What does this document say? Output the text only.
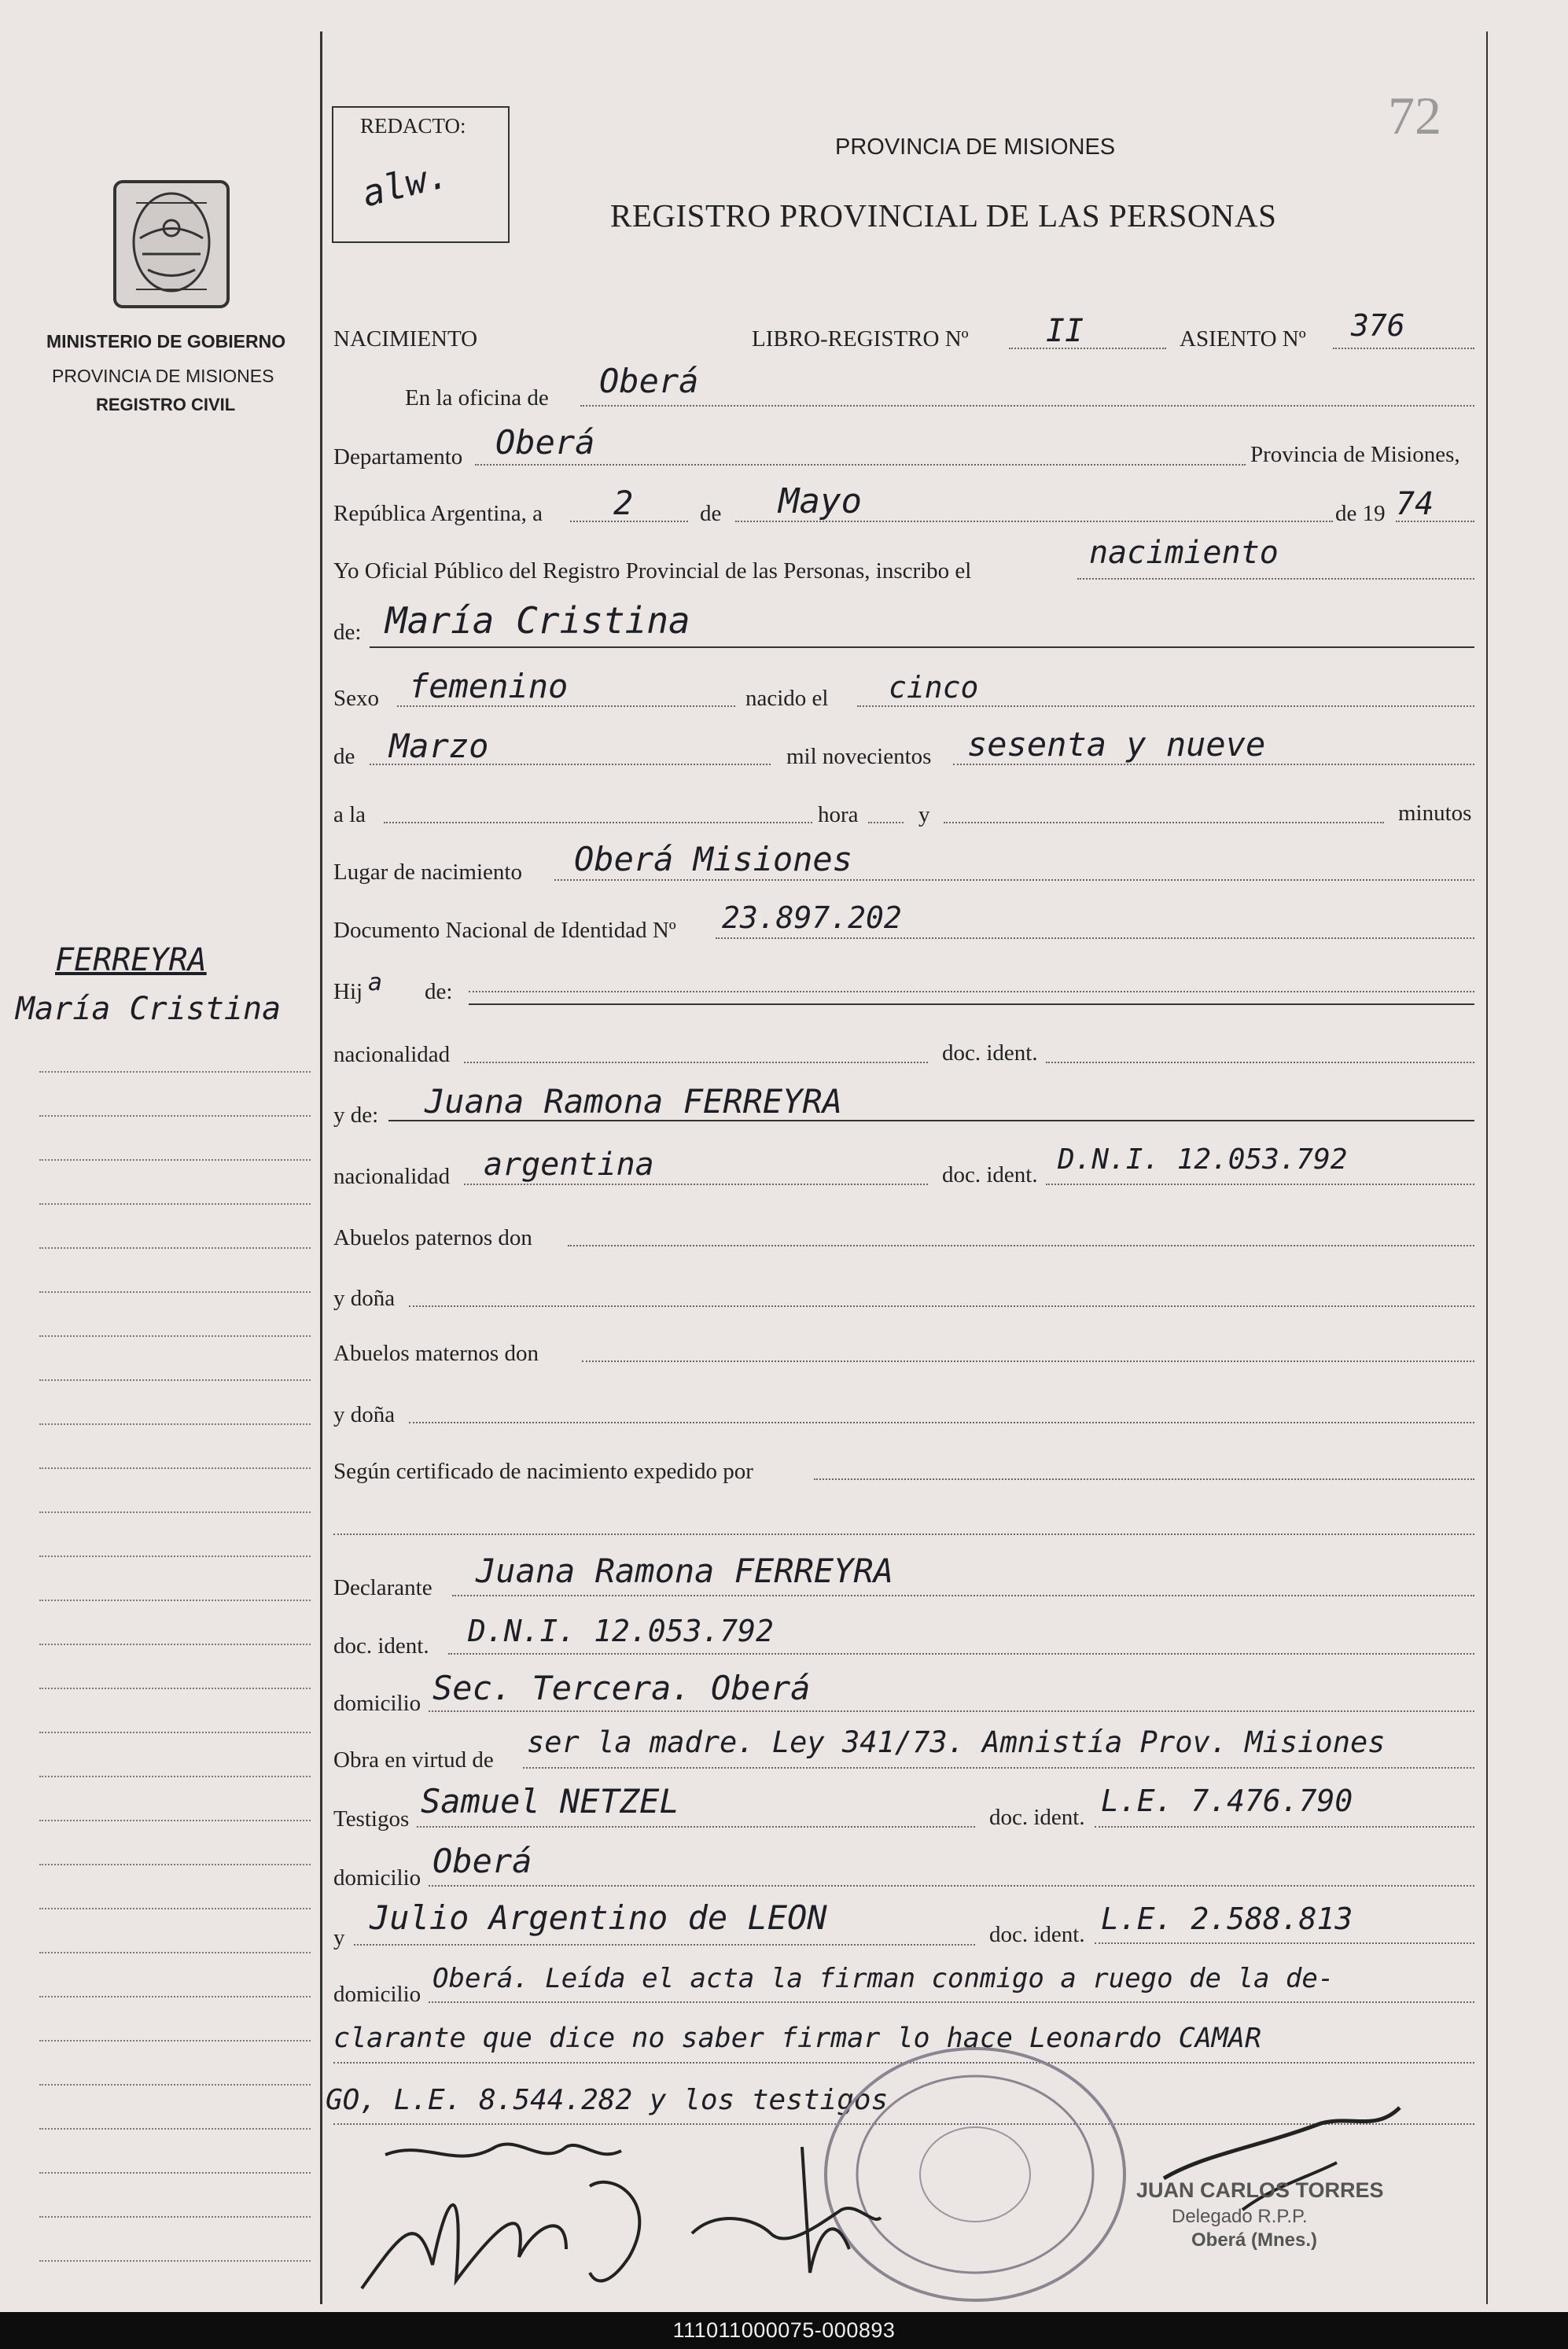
72
REDACTO:
alw.
PROVINCIA DE MISIONES
REGISTRO PROVINCIAL DE LAS PERSONAS
MINISTERIO DE GOBIERNO
PROVINCIA DE MISIONES
REGISTRO CIVIL
FERREYRA
María Cristina
NACIMIENTO	LIBRO-REGISTRO Nº II	ASIENTO Nº 376
En la oficina de Oberá
Departamento Oberá	Provincia de Misiones,
República Argentina, a 2	de Mayo	de 19 74
Yo Oficial Público del Registro Provincial de las Personas, inscribo el	nacimiento
de: María Cristina
Sexo femenino	nacido el cinco
de Marzo	mil novecientos sesenta y nueve
a la	hora	y	minutos
Lugar de nacimiento Oberá Misiones
Documento Nacional de Identidad Nº 23.897.202
Hij a de:
nacionalidad	doc. ident.
y de: Juana Ramona FERREYRA
nacionalidad argentina	doc. ident. D.N.I. 12.053.792
Abuelos paternos don
y doña
Abuelos maternos don
y doña
Según certificado de nacimiento expedido por
Declarante Juana Ramona FERREYRA
doc. ident. D.N.I. 12.053.792
domicilio Sec. Tercera. Oberá
Obra en virtud de
ser la madre. Ley 341/73. Amnistía Prov. Misiones
Testigos Samuel NETZEL	doc. ident. L.E. 7.476.790
domicilio Oberá
y
Julio Argentino de LEON	doc. ident. L.E. 2.588.813
domicilio Oberá. Leída el acta la firman conmigo a ruego de la de-
clarante que dice no saber firmar lo hace Leonardo CAMAR
GO, L.E. 8.544.282 y los testigos
JUAN CARLOS TORRES
Delegado R.P.P.
Oberá (Mnes.)
111011000075-000893
